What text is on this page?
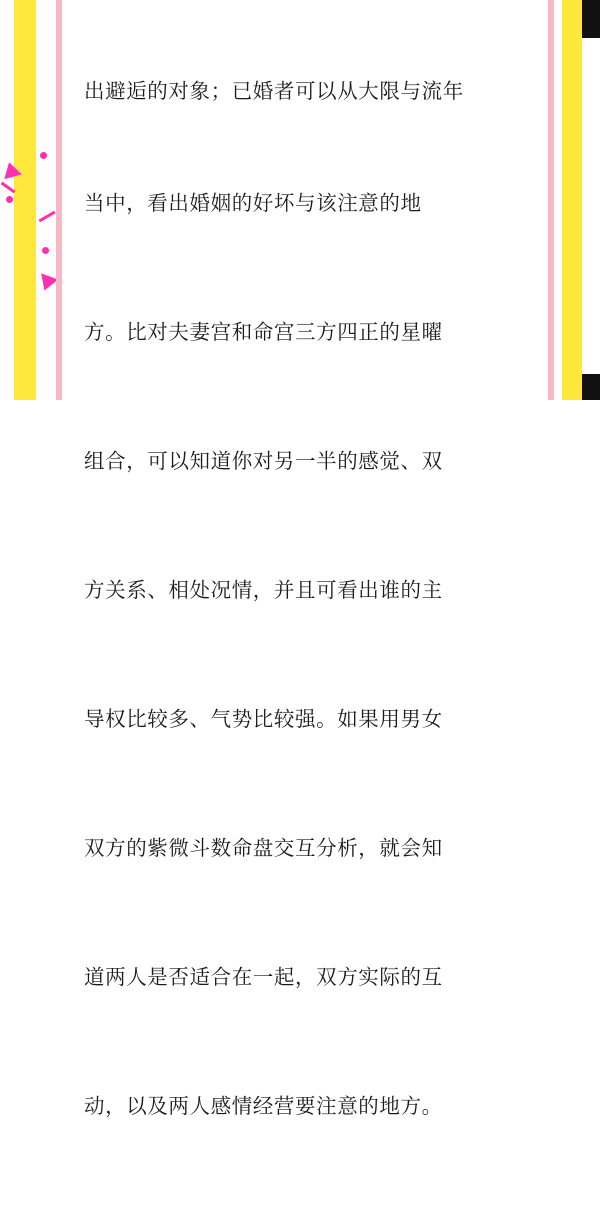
出避逅的对象；已婚者可以从大限与流年

当中，看出婚姻的好坏与该注意的地

方。比对夫妻宫和命宫三方四正的星曜

组合，可以知道你对另一半的感觉、双

方关系、相处况情，并且可看出谁的主

导权比较多、气势比较强。如果用男女

双方的紫微斗数命盘交互分析，就会知

道两人是否适合在一起，双方实际的互

动，以及两人感情经营要注意的地方。
